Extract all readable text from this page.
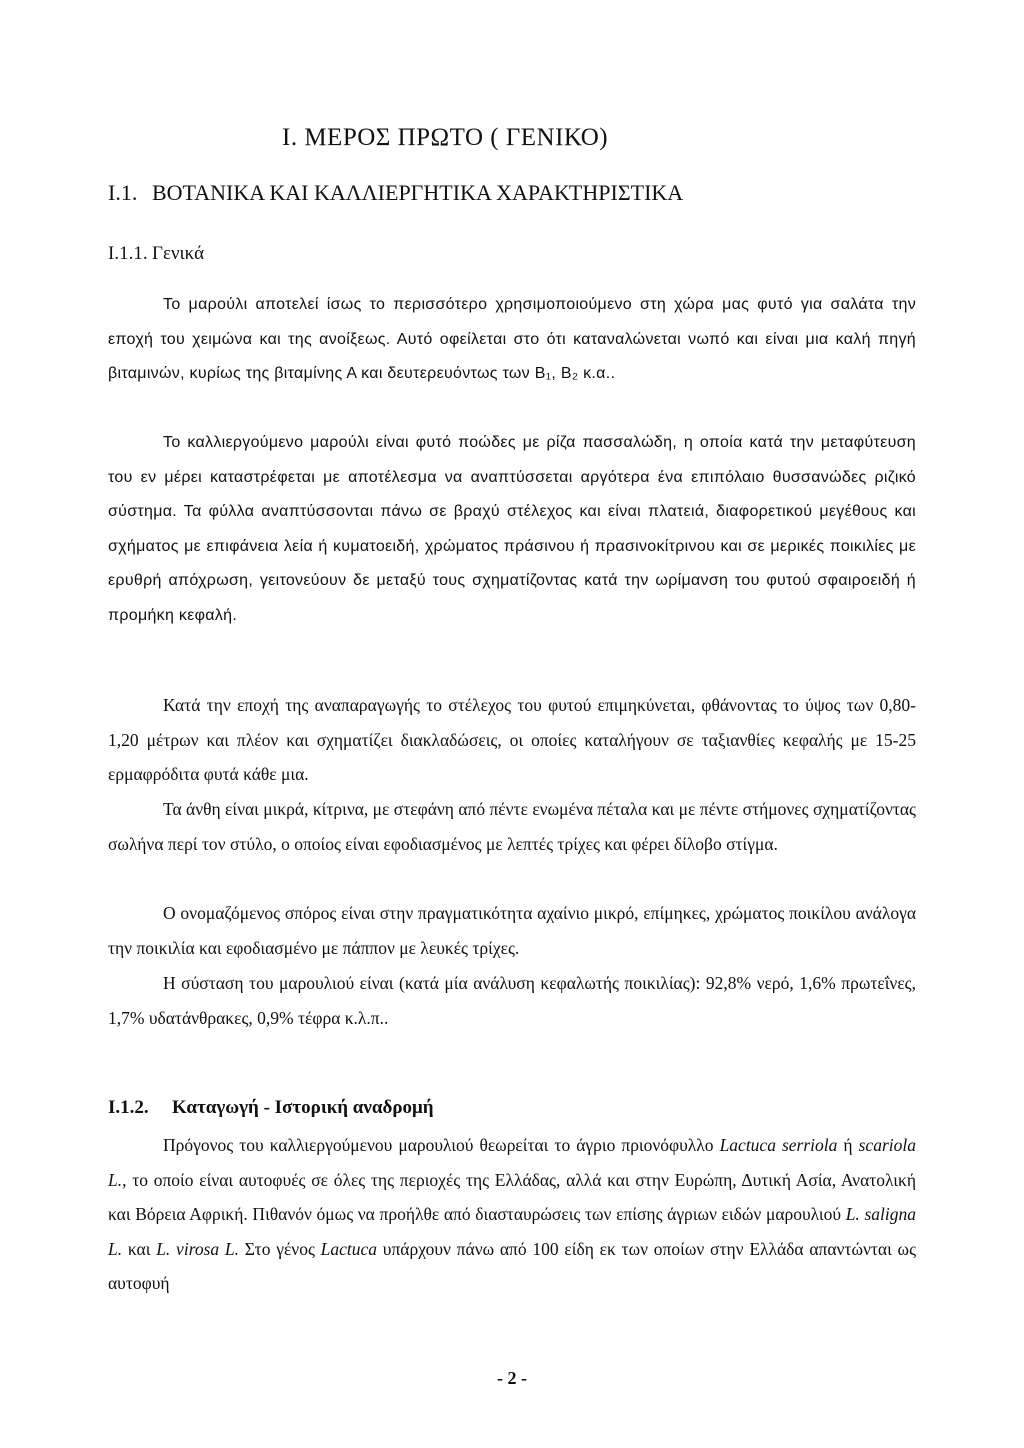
I. ΜΕΡΟΣ ΠΡΩΤΟ ( ΓΕΝΙΚΟ)
I.1. ΒΟΤΑΝΙΚΑ ΚΑΙ ΚΑΛΛΙΕΡΓΗΤΙΚΑ ΧΑΡΑΚΤΗΡΙΣΤΙΚΑ
I.1.1. Γενικά

Το μαρούλι αποτελεί ίσως το περισσότερο χρησιμοποιούμενο στη χώρα μας φυτό για σαλάτα την εποχή του χειμώνα και της ανοίξεως. Αυτό οφείλεται στο ότι καταναλώνεται νωπό και είναι μια καλή πηγή βιταμινών, κυρίως της βιταμίνης Α και δευτερευόντως των Β₁, Β₂ κ.α..

Το καλλιεργούμενο μαρούλι είναι φυτό ποώδες με ρίζα πασσαλώδη, η οποία κατά την μεταφύτευση του εν μέρει καταστρέφεται με αποτέλεσμα να αναπτύσσεται αργότερα ένα επιπόλαιο θυσσανώδες ριζικό σύστημα. Τα φύλλα αναπτύσσονται πάνω σε βραχύ στέλεχος και είναι πλατειά, διαφορετικού μεγέθους και σχήματος με επιφάνεια λεία ή κυματοειδή, χρώματος πράσινου ή πρασινοκίτρινου και σε μερικές ποικιλίες με ερυθρή απόχρωση, γειτονεύουν δε μεταξύ τους σχηματίζοντας κατά την ωρίμανση του φυτού σφαιροειδή ή προμήκη κεφαλή.

Κατά την εποχή της αναπαραγωγής το στέλεχος του φυτού επιμηκύνεται, φθάνοντας το ύψος των 0,80-1,20 μέτρων και πλέον και σχηματίζει διακλαδώσεις, οι οποίες καταλήγουν σε ταξιανθίες κεφαλής με 15-25 ερμαφρόδιτα φυτά κάθε μια.

Τα άνθη είναι μικρά, κίτρινα, με στεφάνη από πέντε ενωμένα πέταλα και με πέντε στήμονες σχηματίζοντας σωλήνα περί τον στύλο, ο οποίος είναι εφοδιασμένος με λεπτές τρίχες και φέρει δίλοβο στίγμα.

Ο ονομαζόμενος σπόρος είναι στην πραγματικότητα αχαίνιο μικρό, επίμηκες, χρώματος ποικίλου ανάλογα την ποικιλία και εφοδιασμένο με πάππον με λευκές τρίχες.

Η σύσταση του μαρουλιού είναι (κατά μία ανάλυση κεφαλωτής ποικιλίας): 92,8% νερό, 1,6% πρωτεΐνες, 1,7% υδατάνθρακες, 0,9% τέφρα κ.λ.π..

I.1.2. Καταγωγή - Ιστορική αναδρομή

Πρόγονος του καλλιεργούμενου μαρουλιού θεωρείται το άγριο πριονόφυλλο Lactuca serriola ή scariola L., το οποίο είναι αυτοφυές σε όλες της περιοχές της Ελλάδας, αλλά και στην Ευρώπη, Δυτική Ασία, Ανατολική και Βόρεια Αφρική. Πιθανόν όμως να προήλθε από διασταυρώσεις των επίσης άγριων ειδών μαρουλιού L. saligna L. και L. virosa L. Στο γένος Lactuca υπάρχουν πάνω από 100 είδη εκ των οποίων στην Ελλάδα απαντώνται ως αυτοφυή

- 2 -
